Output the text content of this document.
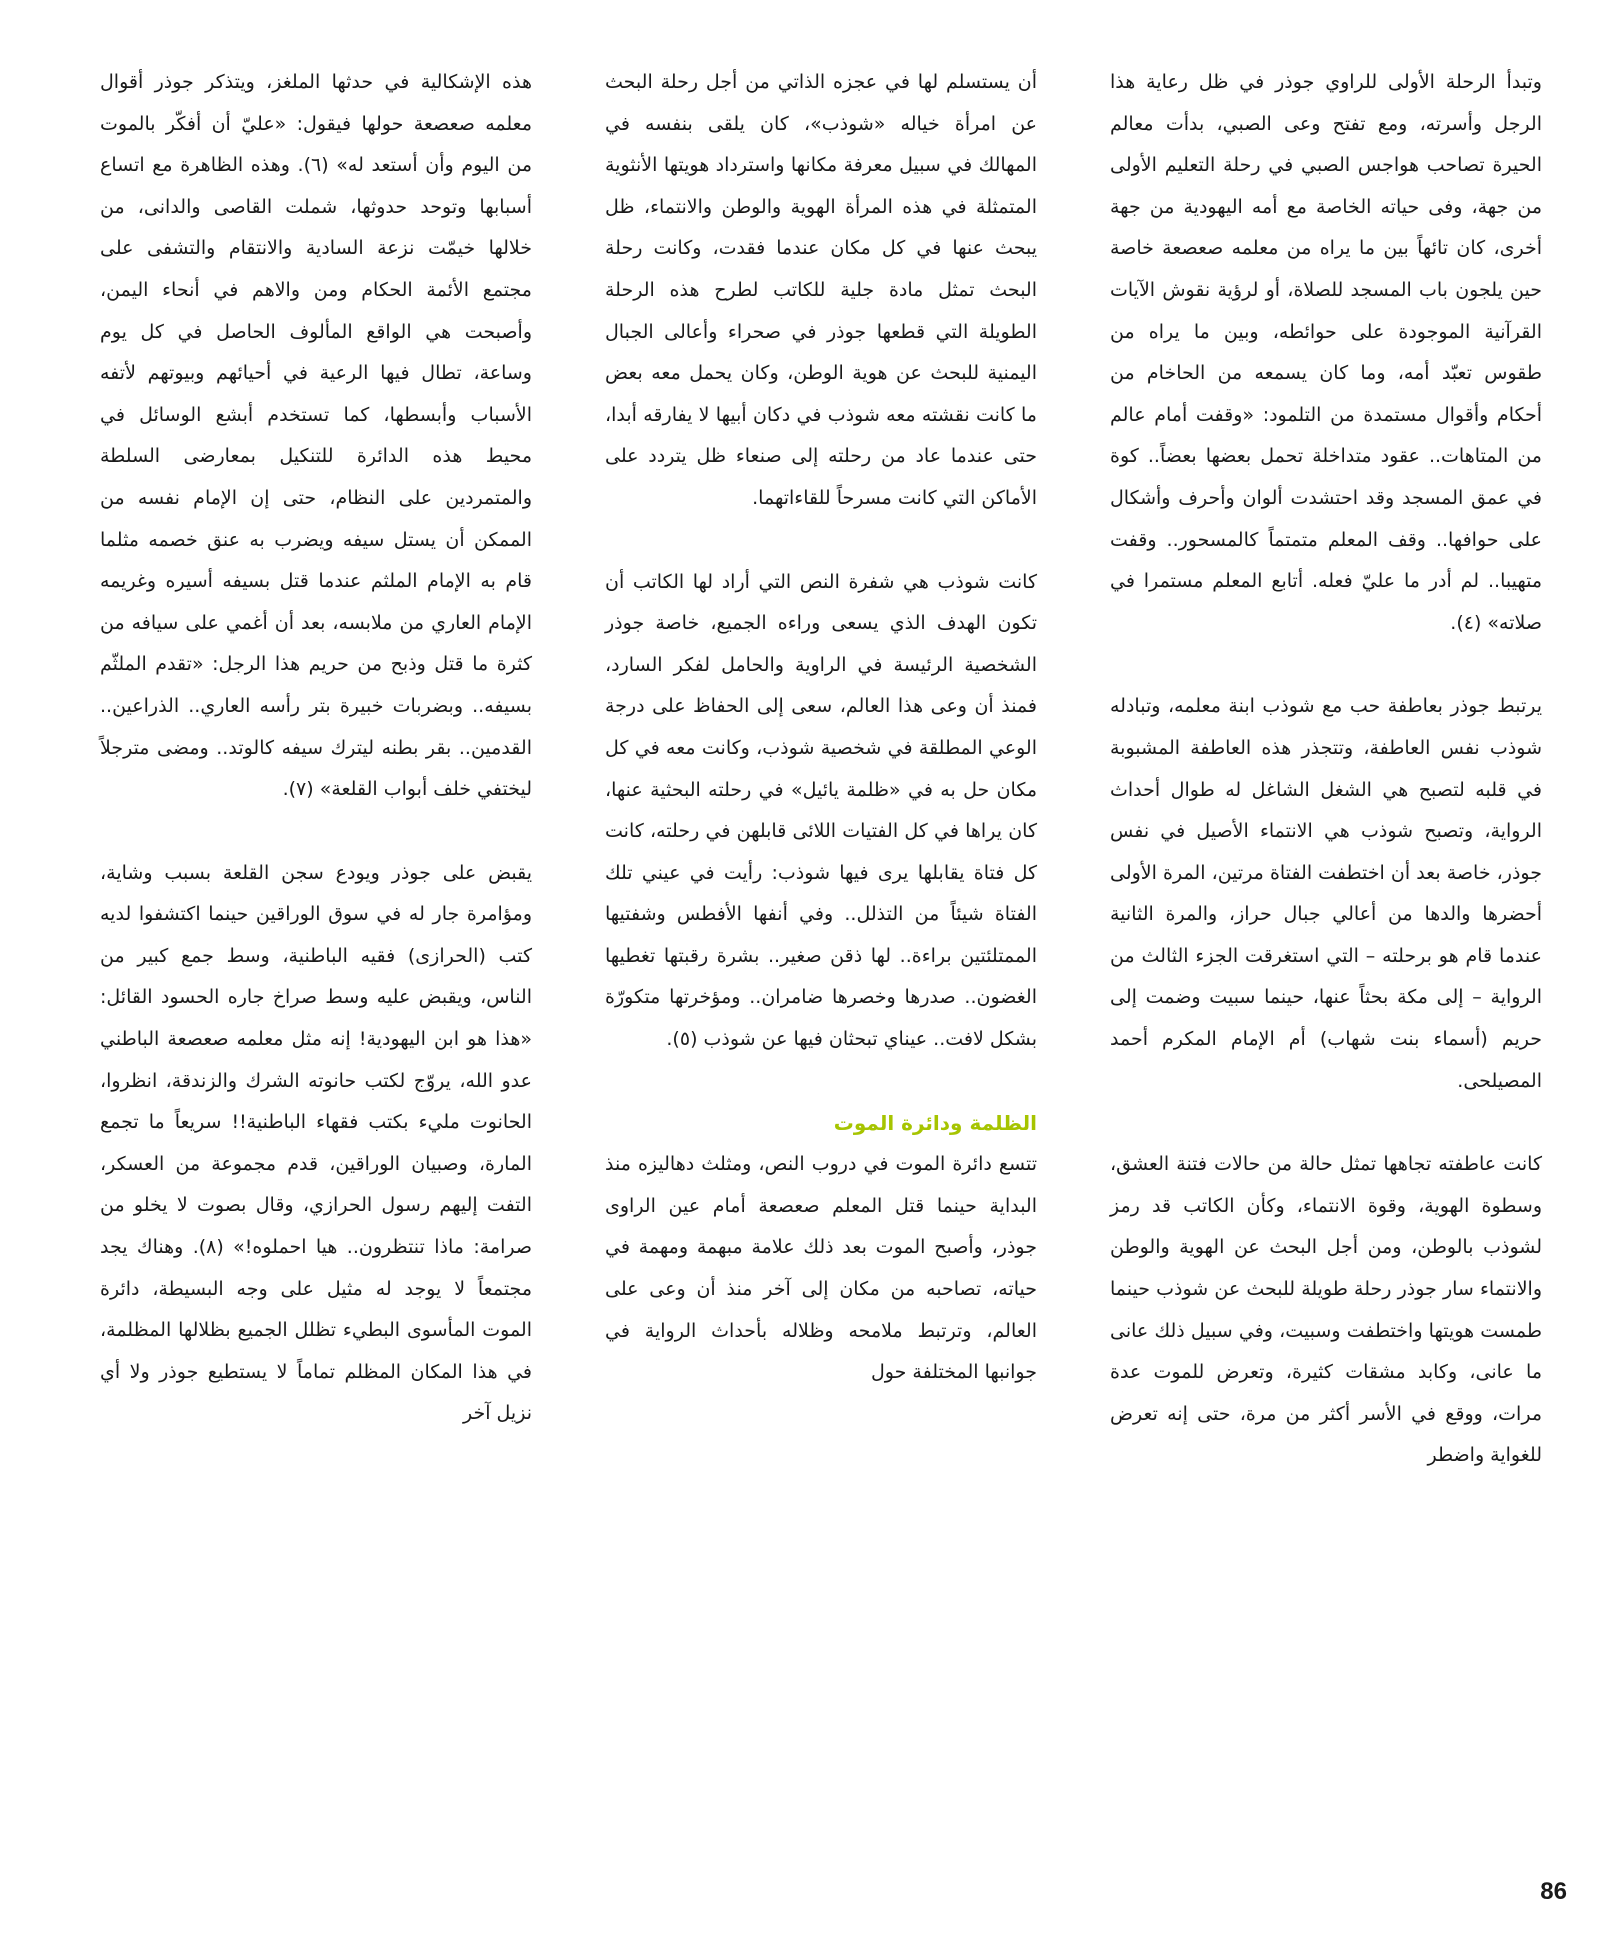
وتبدأ الرحلة الأولى للراوي جوذر في ظل رعاية هذا الرجل وأسرته، ومع تفتح وعى الصبي، بدأت معالم الحيرة تصاحب هواجس الصبي في رحلة التعليم الأولى من جهة، وفى حياته الخاصة مع أمه اليهودية من جهة أخرى، كان تائهاً بين ما يراه من معلمه صعصعة خاصة حين يلجون باب المسجد للصلاة، أو لرؤية نقوش الآيات القرآنية الموجودة على حوائطه، وبين ما يراه من طقوس تعبّد أمه، وما كان يسمعه من الحاخام من أحكام وأقوال مستمدة من التلمود: «وقفت أمام عالم من المتاهات.. عقود متداخلة تحمل بعضها بعضاً.. كوة في عمق المسجد وقد احتشدت ألوان وأحرف وأشكال على حوافها.. وقف المعلم متمتماً كالمسحور.. وقفت متهيبا.. لم أدر ما عليّ فعله. أتابع المعلم مستمرا في صلاته» (٤).

يرتبط جوذر بعاطفة حب مع شوذب ابنة معلمه، وتبادله شوذب نفس العاطفة، وتتجذر هذه العاطفة المشبوبة في قلبه لتصبح هي الشغل الشاغل له طوال أحداث الرواية، وتصبح شوذب هي الانتماء الأصيل في نفس جوذر، خاصة بعد أن اختطفت الفتاة مرتين، المرة الأولى أحضرها والدها من أعالي جبال حراز، والمرة الثانية عندما قام هو برحلته – التي استغرقت الجزء الثالث من الرواية – إلى مكة بحثاً عنها، حينما سبيت وضمت إلى حريم (أسماء بنت شهاب) أم الإمام المكرم أحمد المصيلحى.

كانت عاطفته تجاهها تمثل حالة من حالات فتنة العشق، وسطوة الهوية، وقوة الانتماء، وكأن الكاتب قد رمز لشوذب بالوطن، ومن أجل البحث عن الهوية والوطن والانتماء سار جوذر رحلة طويلة للبحث عن شوذب حينما طمست هويتها واختطفت وسبيت، وفي سبيل ذلك عانى ما عانى، وكابد مشقات كثيرة، وتعرض للموت عدة مرات، ووقع في الأسر أكثر من مرة، حتى إنه تعرض للغواية واضطر

أن يستسلم لها في عجزه الذاتي من أجل رحلة البحث عن امرأة خياله «شوذب»، كان يلقى بنفسه في المهالك في سبيل معرفة مكانها واسترداد هويتها الأنثوية المتمثلة في هذه المرأة الهوية والوطن والانتماء، ظل يبحث عنها في كل مكان عندما فقدت، وكانت رحلة البحث تمثل مادة جلية للكاتب لطرح هذه الرحلة الطويلة التي قطعها جوذر في صحراء وأعالى الجبال اليمنية للبحث عن هوية الوطن، وكان يحمل معه بعض ما كانت نقشته معه شوذب في دكان أبيها لا يفارقه أبدا، حتى عندما عاد من رحلته إلى صنعاء ظل يتردد على الأماكن التي كانت مسرحاً للقاءاتهما.

كانت شوذب هي شفرة النص التي أراد لها الكاتب أن تكون الهدف الذي يسعى وراءه الجميع، خاصة جوذر الشخصية الرئيسة في الراوية والحامل لفكر السارد، فمنذ أن وعى هذا العالم، سعى إلى الحفاظ على درجة الوعي المطلقة في شخصية شوذب، وكانت معه في كل مكان حل به في «ظلمة يائيل» في رحلته البحثية عنها، كان يراها في كل الفتيات اللائى قابلهن في رحلته، كانت كل فتاة يقابلها يرى فيها شوذب: رأيت في عيني تلك الفتاة شيئاً من التذلل.. وفي أنفها الأفطس وشفتيها الممتلئتين براءة.. لها ذقن صغير.. بشرة رقبتها تغطيها الغضون.. صدرها وخصرها ضامران.. ومؤخرتها متكورّة بشكل لافت.. عيناي تبحثان فيها عن شوذب (٥).

الظلمة ودائرة الموت

تتسع دائرة الموت في دروب النص، ومثلث دهاليزه منذ البداية حينما قتل المعلم صعصعة أمام عين الراوى جوذر، وأصبح الموت بعد ذلك علامة مبهمة ومهمة في حياته، تصاحبه من مكان إلى آخر منذ أن وعى على العالم، وترتبط ملامحه وظلاله بأحداث الرواية في جوانبها المختلفة حول

هذه الإشكالية في حدثها الملغز، ويتذكر جوذر أقوال معلمه صعصعة حولها فيقول: «عليّ أن أفكّر بالموت من اليوم وأن أستعد له» (٦). وهذه الظاهرة مع اتساع أسبابها وتوحد حدوثها، شملت القاصى والدانى، من خلالها خيمّت نزعة السادية والانتقام والتشفى على مجتمع الأئمة الحكام ومن والاهم في أنحاء اليمن، وأصبحت هي الواقع المألوف الحاصل في كل يوم وساعة، تطال فيها الرعية في أحيائهم وبيوتهم لأتفه الأسباب وأبسطها، كما تستخدم أبشع الوسائل في محيط هذه الدائرة للتنكيل بمعارضى السلطة والمتمردين على النظام، حتى إن الإمام نفسه من الممكن أن يستل سيفه ويضرب به عنق خصمه مثلما قام به الإمام الملثم عندما قتل بسيفه أسيره وغريمه الإمام العاري من ملابسه، بعد أن أغمي على سيافه من كثرة ما قتل وذبح من حريم هذا الرجل: «تقدم الملثّم بسيفه.. وبضربات خبيرة بتر رأسه العاري.. الذراعين.. القدمين.. بقر بطنه ليترك سيفه كالوتد.. ومضى مترجلاً ليختفي خلف أبواب القلعة» (٧).

يقبض على جوذر ويودع سجن القلعة بسبب وشاية، ومؤامرة جار له في سوق الوراقين حينما اكتشفوا لديه كتب (الحرازى) فقيه الباطنية، وسط جمع كبير من الناس، ويقبض عليه وسط صراخ جاره الحسود القائل: «هذا هو ابن اليهودية! إنه مثل معلمه صعصعة الباطني عدو الله، يروّج لكتب حانوته الشرك والزندقة، انظروا، الحانوت مليء بكتب فقهاء الباطنية!! سريعاً ما تجمع المارة، وصبيان الوراقين، قدم مجموعة من العسكر، التفت إليهم رسول الحرازي، وقال بصوت لا يخلو من صرامة: ماذا تنتظرون.. هيا احملوه!» (٨). وهناك يجد مجتمعاً لا يوجد له مثيل على وجه البسيطة، دائرة الموت المأسوى البطيء تظلل الجميع بظلالها المظلمة، في هذا المكان المظلم تماماً لا يستطيع جوذر ولا أي نزيل آخر

86
